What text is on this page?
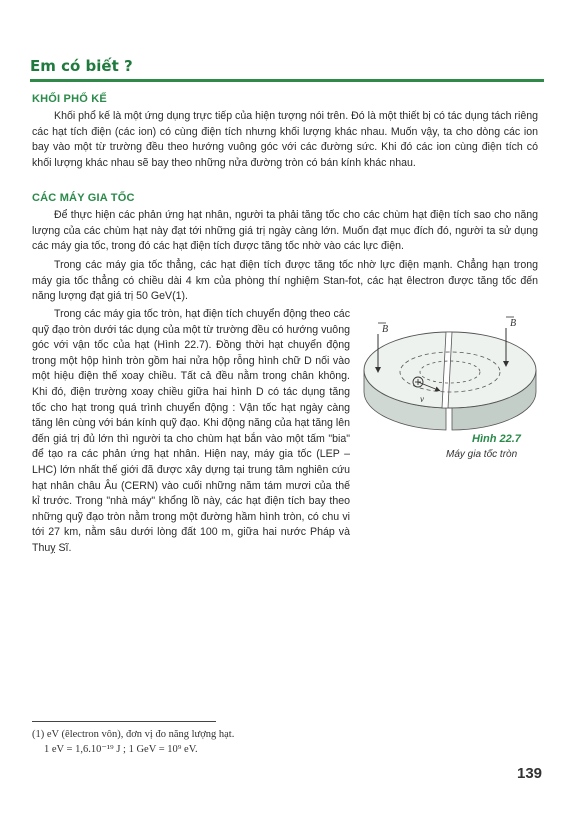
Em có biết ?
KHỐI PHỔ KẾ

Khối phổ kế là một ứng dụng trực tiếp của hiện tượng nói trên. Đó là một thiết bị có tác dụng tách riêng các hạt tích điện (các ion) có cùng điện tích nhưng khối lượng khác nhau. Muốn vậy, ta cho dòng các ion bay vào một từ trường đều theo hướng vuông góc với các đường sức. Khi đó các ion cùng điện tích có khối lượng khác nhau sẽ bay theo những nửa đường tròn có bán kính khác nhau.

CÁC MÁY GIA TỐC

Để thực hiện các phản ứng hạt nhân, người ta phải tăng tốc cho các chùm hạt điện tích sao cho năng lượng của các chùm hạt này đạt tới những giá trị ngày càng lớn. Muốn đạt mục đích đó, người ta sử dụng các máy gia tốc, trong đó các hạt điện tích được tăng tốc nhờ vào các lực điện.

Trong các máy gia tốc thẳng, các hạt điện tích được tăng tốc nhờ lực điện mạnh. Chẳng hạn trong máy gia tốc thẳng có chiều dài 4 km của phòng thí nghiệm Stan-fot, các hạt êlectron được tăng tốc đến năng lượng đạt giá trị 50 GeV(1).

Trong các máy gia tốc tròn, hạt điện tích chuyển động theo các quỹ đạo tròn dưới tác dụng của một từ trường đều có hướng vuông góc với vận tốc của hạt (Hình 22.7). Đồng thời hạt chuyển động trong một hộp hình tròn gồm hai nửa hộp rỗng hình chữ D nối vào một hiệu điện thế xoay chiều. Tất cả đều nằm trong chân không. Khi đó, điện trường xoay chiều giữa hai hình D có tác dụng tăng tốc cho hạt trong quá trình chuyển động : Vận tốc hạt ngày càng tăng lên cùng với bán kính quỹ đạo. Khi động năng của hạt tăng lên đến giá trị đủ lớn thì người ta cho chùm hạt bắn vào một tấm "bia" để tạo ra các phản ứng hạt nhân. Hiện nay, máy gia tốc (LEP – LHC) lớn nhất thế giới đã được xây dựng tại trung tâm nghiên cứu hạt nhân châu Âu (CERN) vào cuối những năm tám mươi của thế kỉ trước. Trong "nhà máy" khổng lồ này, các hạt điện tích bay theo những quỹ đạo tròn nằm trong một đường hầm hình tròn, có chu vi tới 27 km, nằm sâu dưới lòng đất 100 m, giữa hai nước Pháp và Thuỵ Sĩ.

B
B
v
Hình 22.7
Máy gia tốc tròn
(1) eV (êlectron vôn), đơn vị đo năng lượng hạt.
1 eV = 1,6.10⁻¹⁹ J ; 1 GeV = 10⁹ eV.
139
